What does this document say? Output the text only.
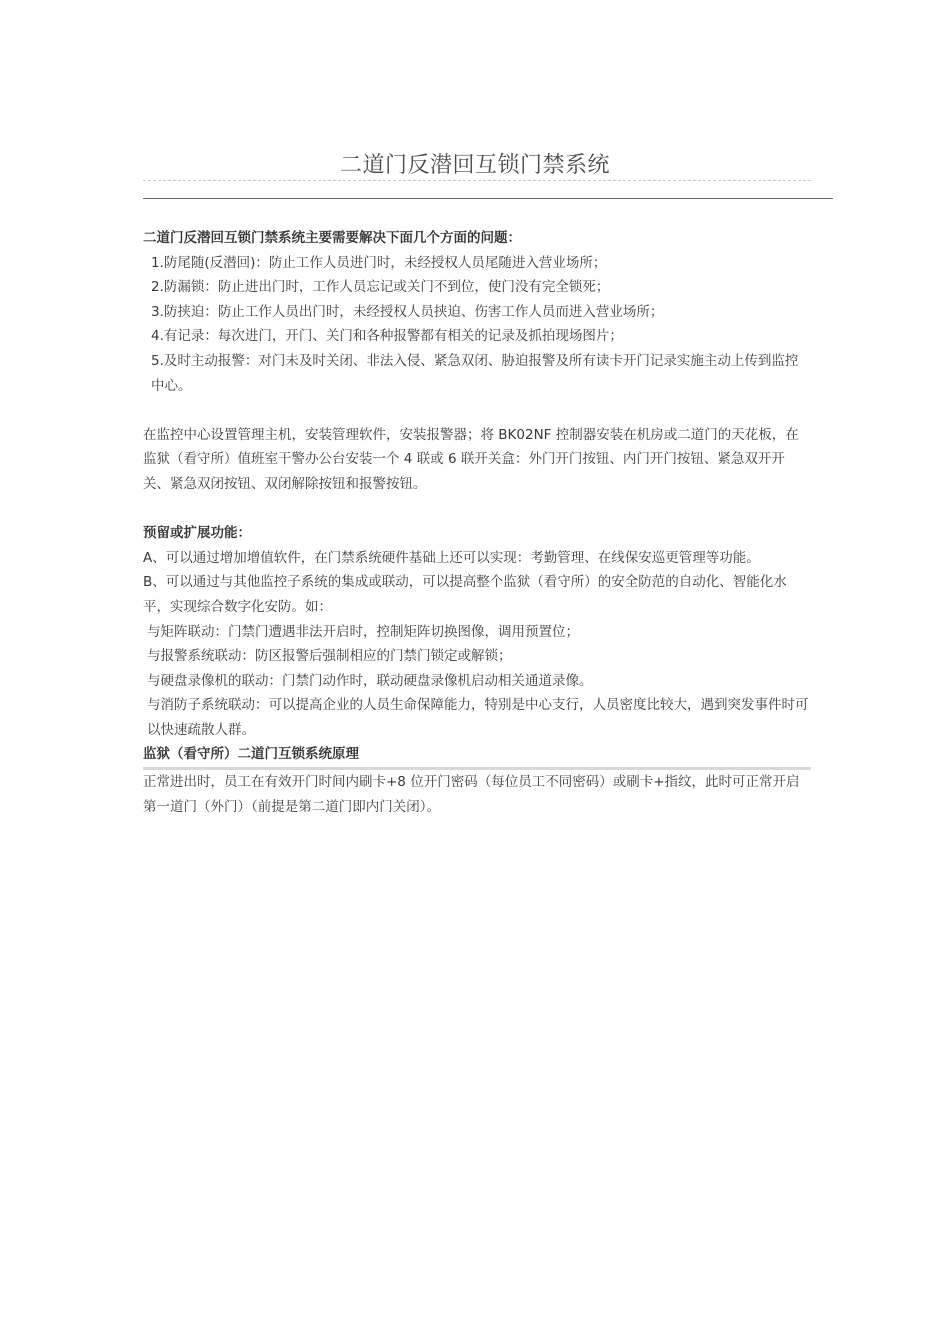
二道门反潜回互锁门禁系统

二道门反潜回互锁门禁系统主要需要解决下面几个方面的问题：

1.防尾随(反潜回)：防止工作人员进门时，未经授权人员尾随进入营业场所；

2.防漏锁：防止进出门时，工作人员忘记或关门不到位，使门没有完全锁死；

3.防挟迫：防止工作人员出门时，未经授权人员挟迫、伤害工作人员而进入营业场所；

4.有记录：每次进门，开门、关门和各种报警都有相关的记录及抓拍现场图片；

5.及时主动报警：对门未及时关闭、非法入侵、紧急双闭、胁迫报警及所有读卡开门记录实施主动上传到监控中心。

在监控中心设置管理主机，安装管理软件，安装报警器；将 BK02NF 控制器安装在机房或二道门的天花板，在监狱（看守所）值班室干警办公台安装一个 4 联或 6 联开关盒：外门开门按钮、内门开门按钮、紧急双开开关、紧急双闭按钮、双闭解除按钮和报警按钮。

预留或扩展功能：

A、可以通过增加增值软件，在门禁系统硬件基础上还可以实现：考勤管理、在线保安巡更管理等功能。

B、可以通过与其他监控子系统的集成或联动，可以提高整个监狱（看守所）的安全防范的自动化、智能化水平，实现综合数字化安防。如：

与矩阵联动：门禁门遭遇非法开启时，控制矩阵切换图像，调用预置位；

与报警系统联动：防区报警后强制相应的门禁门锁定或解锁；

与硬盘录像机的联动：门禁门动作时，联动硬盘录像机启动相关通道录像。

与消防子系统联动：可以提高企业的人员生命保障能力，特别是中心支行，人员密度比较大，遇到突发事件时可以快速疏散人群。

监狱（看守所）二道门互锁系统原理

正常进出时，员工在有效开门时间内刷卡+8 位开门密码（每位员工不同密码）或刷卡+指纹，此时可正常开启第一道门（外门）（前提是第二道门即内门关闭）。
